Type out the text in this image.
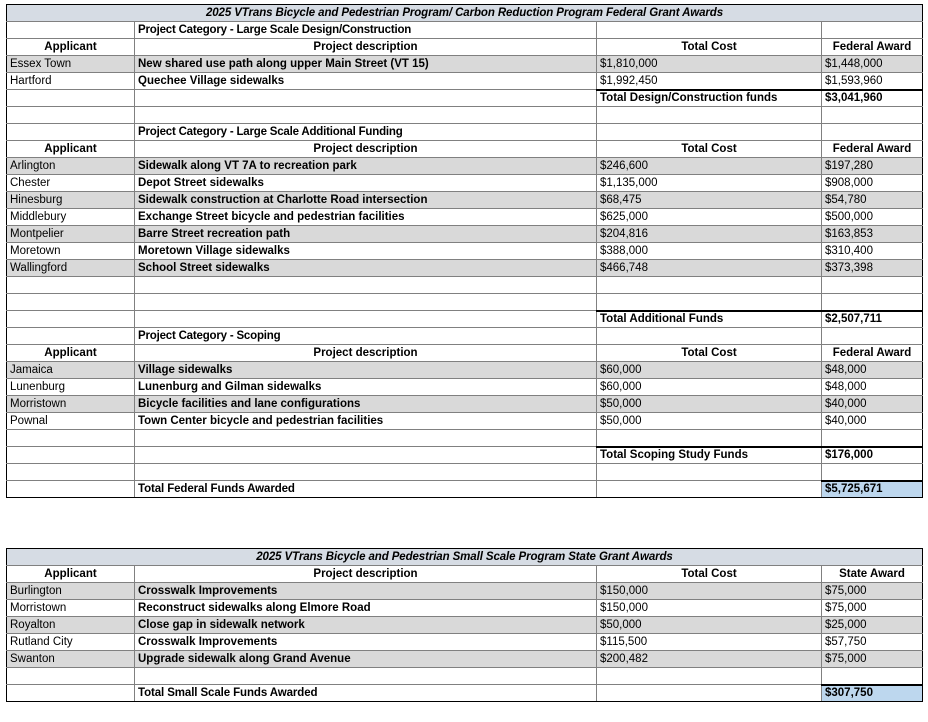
2025 VTrans Bicycle and Pedestrian Program/ Carbon Reduction Program Federal Grant Awards			
	Project Category - Large Scale Design/Construction		
Applicant	Project description	Total Cost	Federal Award
Essex Town	New shared use path along upper Main Street (VT 15)	$1,810,000	$1,448,000
Hartford	Quechee Village sidewalks	$1,992,450	$1,593,960
		Total Design/Construction funds	$3,041,960

	Project Category - Large Scale Additional Funding		
Applicant	Project description	Total Cost	Federal Award
Arlington	Sidewalk along VT 7A to recreation park	$246,600	$197,280
Chester	Depot Street sidewalks	$1,135,000	$908,000
Hinesburg	Sidewalk construction at Charlotte Road intersection	$68,475	$54,780
Middlebury	Exchange Street bicycle and pedestrian facilities	$625,000	$500,000
Montpelier	Barre Street recreation path	$204,816	$163,853
Moretown	Moretown Village sidewalks	$388,000	$310,400
Wallingford	School Street sidewalks	$466,748	$373,398

		Total Additional Funds	$2,507,711
	Project Category - Scoping		
Applicant	Project description	Total Cost	Federal Award
Jamaica	Village sidewalks	$60,000	$48,000
Lunenburg	Lunenburg and Gilman sidewalks	$60,000	$48,000
Morristown	Bicycle facilities and lane configurations	$50,000	$40,000
Pownal	Town Center bicycle and pedestrian facilities	$50,000	$40,000

		Total Scoping Study Funds	$176,000

	Total Federal Funds Awarded		$5,725,671
2025 VTrans Bicycle and Pedestrian Small Scale Program State Grant Awards			
Applicant	Project description	Total Cost	State Award
Burlington	Crosswalk Improvements	$150,000	$75,000
Morristown	Reconstruct sidewalks along Elmore Road	$150,000	$75,000
Royalton	Close gap in sidewalk network	$50,000	$25,000
Rutland City	Crosswalk Improvements	$115,500	$57,750
Swanton	Upgrade sidewalk along Grand Avenue	$200,482	$75,000

	Total Small Scale Funds Awarded		$307,750
